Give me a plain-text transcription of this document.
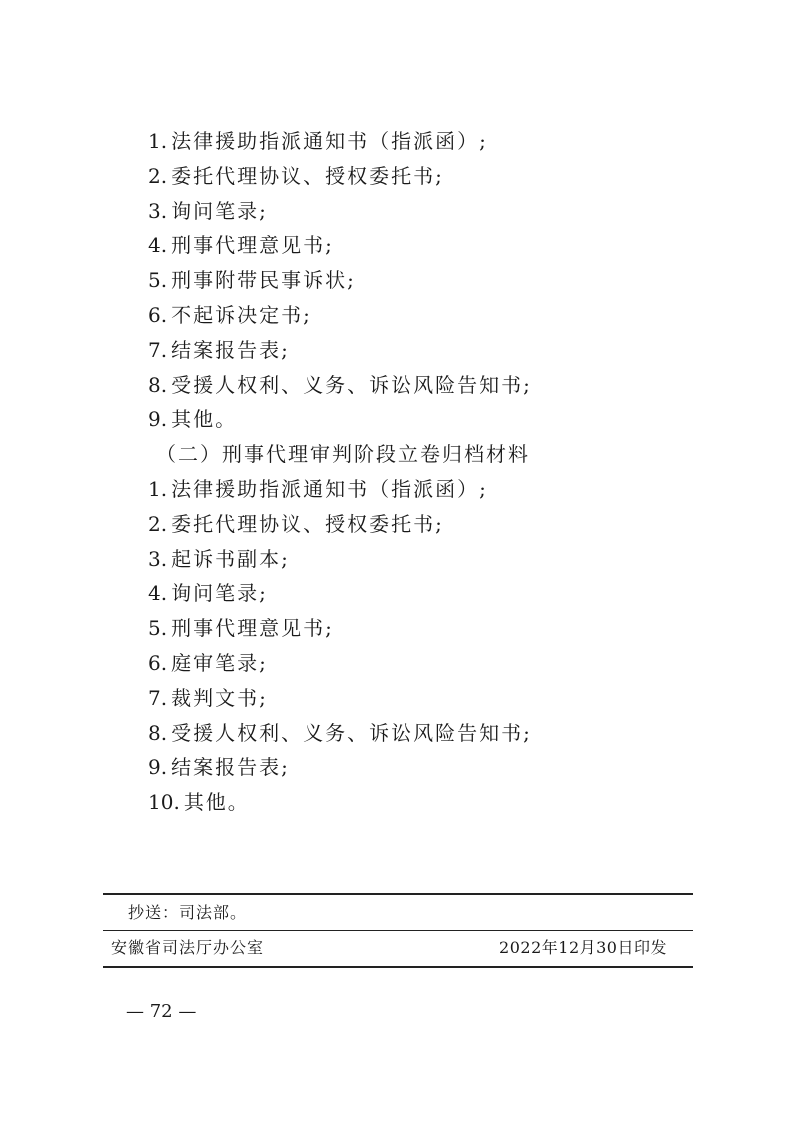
1. 法律援助指派通知书（指派函）;
2. 委托代理协议、授权委托书;
3. 询问笔录;
4. 刑事代理意见书;
5. 刑事附带民事诉状;
6. 不起诉决定书;
7. 结案报告表;
8. 受援人权利、义务、诉讼风险告知书;
9. 其他。
（二）刑事代理审判阶段立卷归档材料
1. 法律援助指派通知书（指派函）;
2. 委托代理协议、授权委托书;
3. 起诉书副本;
4. 询问笔录;
5. 刑事代理意见书;
6. 庭审笔录;
7. 裁判文书;
8. 受援人权利、义务、诉讼风险告知书;
9. 结案报告表;
10. 其他。
抄送：司法部。
安徽省司法厅办公室	2022年12月30日印发
— 72 —
